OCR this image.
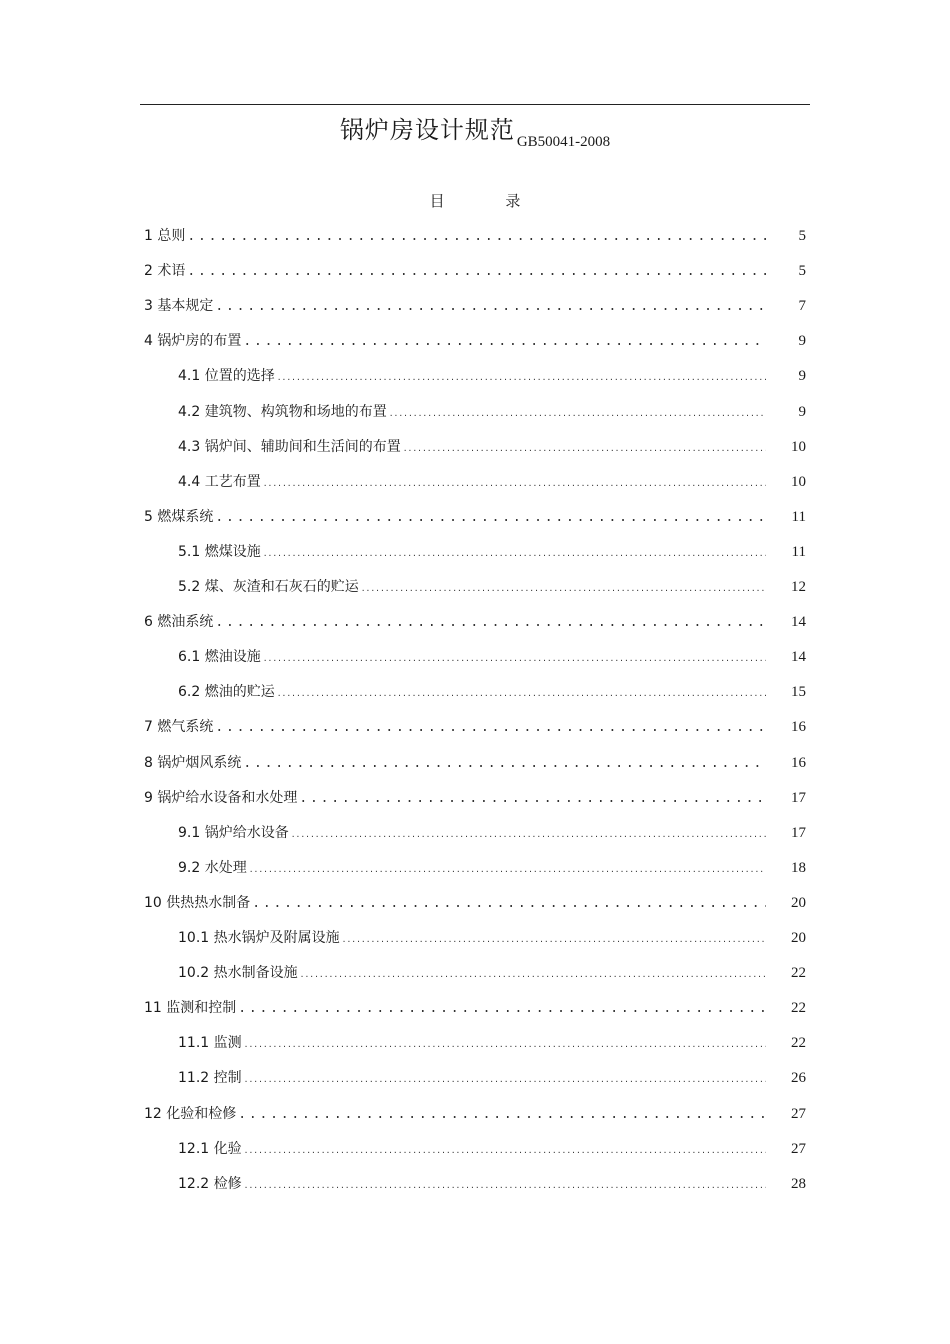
锅炉房设计规范 GB50041-2008
目 录
1 总则 .....	5
2 术语 .....	5
3 基本规定 .....	7
4 锅炉房的布置 .....	9
4.1 位置的选择 .....	9
4.2 建筑物、构筑物和场地的布置 .....	9
4.3 锅炉间、辅助间和生活间的布置 .....	10
4.4 工艺布置 .....	10
5 燃煤系统 .....	11
5.1 燃煤设施 .....	11
5.2 煤、灰渣和石灰石的贮运 .....	12
6 燃油系统 .....	14
6.1 燃油设施 .....	14
6.2 燃油的贮运 .....	15
7 燃气系统 .....	16
8 锅炉烟风系统 .....	16
9 锅炉给水设备和水处理 .....	17
9.1 锅炉给水设备 .....	17
9.2 水处理 .....	18
10 供热热水制备 .....	20
10.1 热水锅炉及附属设施 .....	20
10.2 热水制备设施 .....	22
11 监测和控制 .....	22
11.1 监测 .....	22
11.2 控制 .....	26
12 化验和检修 .....	27
12.1 化验 .....	27
12.2 检修 .....	28
